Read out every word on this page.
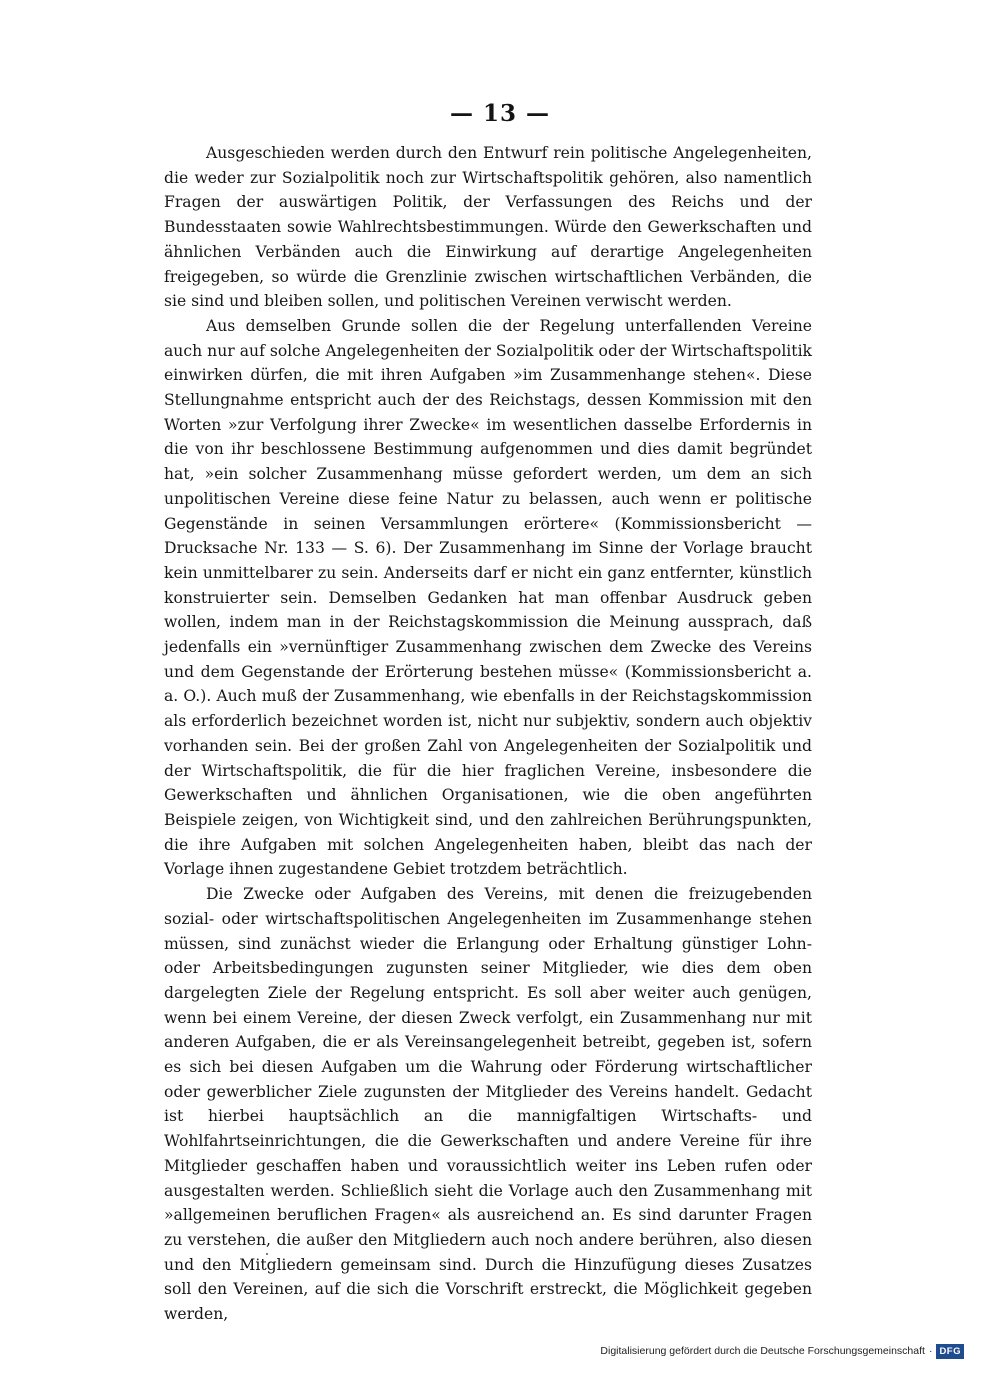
— 13 —

Ausgeschieden werden durch den Entwurf rein politische Angelegenheiten, die weder zur Sozialpolitik noch zur Wirtschaftspolitik gehören, also namentlich Fragen der auswärtigen Politik, der Verfassungen des Reichs und der Bundesstaaten sowie Wahlrechtsbestimmungen. Würde den Gewerkschaften und ähnlichen Verbänden auch die Einwirkung auf derartige Angelegenheiten freigegeben, so würde die Grenzlinie zwischen wirtschaftlichen Verbänden, die sie sind und bleiben sollen, und politischen Vereinen verwischt werden.

Aus demselben Grunde sollen die der Regelung unterfallenden Vereine auch nur auf solche Angelegenheiten der Sozialpolitik oder der Wirtschaftspolitik einwirken dürfen, die mit ihren Aufgaben »im Zusammenhange stehen«. Diese Stellungnahme entspricht auch der des Reichstags, dessen Kommission mit den Worten »zur Verfolgung ihrer Zwecke« im wesentlichen dasselbe Erfordernis in die von ihr beschlossene Bestimmung aufgenommen und dies damit begründet hat, »ein solcher Zusammenhang müsse gefordert werden, um dem an sich unpolitischen Vereine diese feine Natur zu belassen, auch wenn er politische Gegenstände in seinen Versammlungen erörtere« (Kommissionsbericht — Drucksache Nr. 133 — S. 6). Der Zusammenhang im Sinne der Vorlage braucht kein unmittelbarer zu sein. Anderseits darf er nicht ein ganz entfernter, künstlich konstruierter sein. Demselben Gedanken hat man offenbar Ausdruck geben wollen, indem man in der Reichstagskommission die Meinung aussprach, daß jedenfalls ein »vernünftiger Zusammenhang zwischen dem Zwecke des Vereins und dem Gegenstande der Erörterung bestehen müsse« (Kommissionsbericht a. a. O.). Auch muß der Zusammenhang, wie ebenfalls in der Reichstagskommission als erforderlich bezeichnet worden ist, nicht nur subjektiv, sondern auch objektiv vorhanden sein. Bei der großen Zahl von Angelegenheiten der Sozialpolitik und der Wirtschaftspolitik, die für die hier fraglichen Vereine, insbesondere die Gewerkschaften und ähnlichen Organisationen, wie die oben angeführten Beispiele zeigen, von Wichtigkeit sind, und den zahlreichen Berührungspunkten, die ihre Aufgaben mit solchen Angelegenheiten haben, bleibt das nach der Vorlage ihnen zugestandene Gebiet trotzdem beträchtlich.

Die Zwecke oder Aufgaben des Vereins, mit denen die freizugebenden sozial- oder wirtschaftspolitischen Angelegenheiten im Zusammenhange stehen müssen, sind zunächst wieder die Erlangung oder Erhaltung günstiger Lohn- oder Arbeitsbedingungen zugunsten seiner Mitglieder, wie dies dem oben dargelegten Ziele der Regelung entspricht. Es soll aber weiter auch genügen, wenn bei einem Vereine, der diesen Zweck verfolgt, ein Zusammenhang nur mit anderen Aufgaben, die er als Vereinsangelegenheit betreibt, gegeben ist, sofern es sich bei diesen Aufgaben um die Wahrung oder Förderung wirtschaftlicher oder gewerblicher Ziele zugunsten der Mitglieder des Vereins handelt. Gedacht ist hierbei hauptsächlich an die mannigfaltigen Wirtschafts- und Wohlfahrtseinrichtungen, die die Gewerkschaften und andere Vereine für ihre Mitglieder geschaffen haben und voraussichtlich weiter ins Leben rufen oder ausgestalten werden. Schließlich sieht die Vorlage auch den Zusammenhang mit »allgemeinen beruflichen Fragen« als ausreichend an. Es sind darunter Fragen zu verstehen, die außer den Mitgliedern auch noch andere berühren, also diesen und den Mitgliedern gemeinsam sind. Durch die Hinzufügung dieses Zusatzes soll den Vereinen, auf die sich die Vorschrift erstreckt, die Möglichkeit gegeben werden,

Digitalisierung gefördert durch die Deutsche Forschungsgemeinschaft · DFG
